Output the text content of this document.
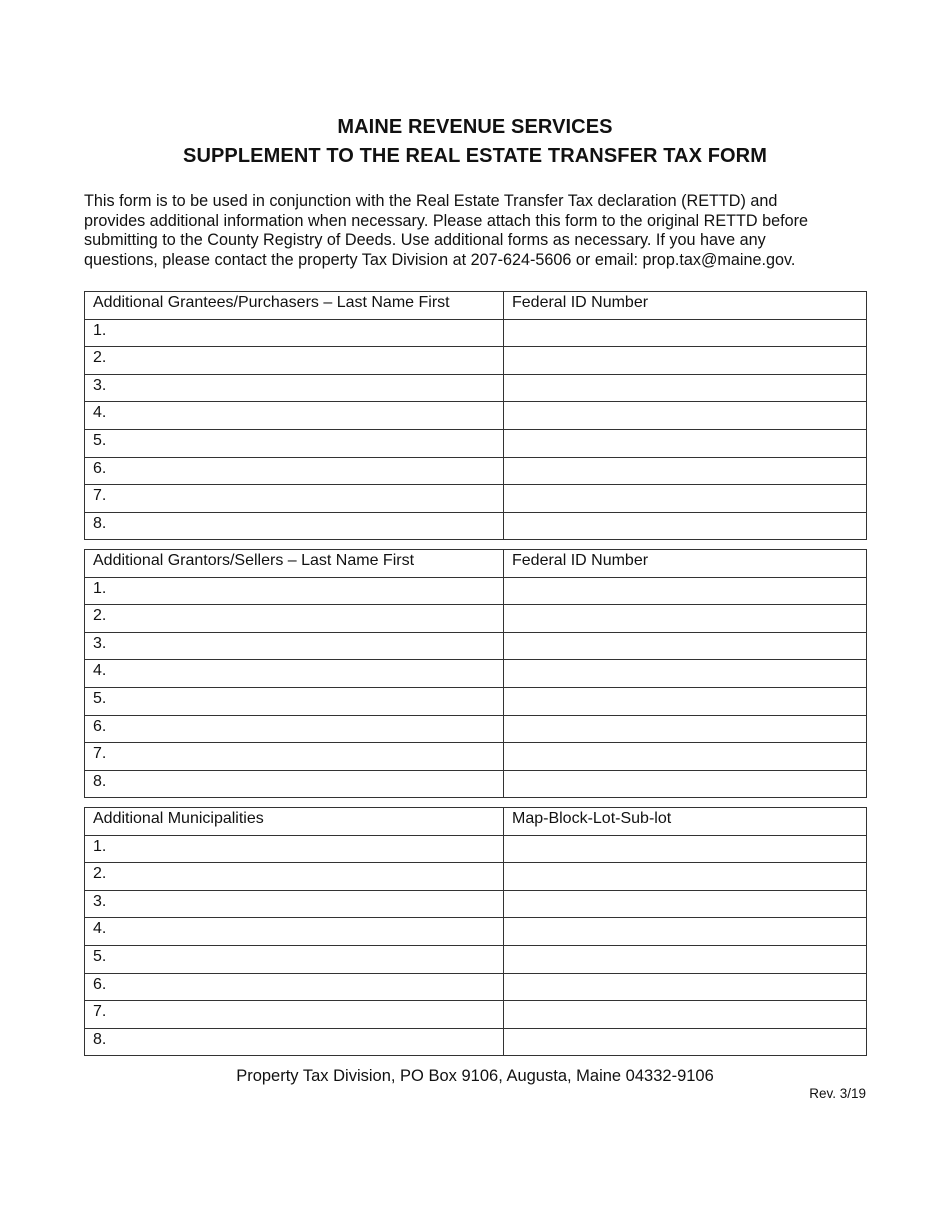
MAINE REVENUE SERVICES
SUPPLEMENT TO THE REAL ESTATE TRANSFER TAX FORM
This form is to be used in conjunction with the Real Estate Transfer Tax declaration (RETTD) and
provides additional information when necessary. Please attach this form to the original RETTD before
submitting to the County Registry of Deeds. Use additional forms as necessary. If you have any
questions, please contact the property Tax Division at 207-624-5606 or email: prop.tax@maine.gov.
Additional Grantees/Purchasers – Last Name First	Federal ID Number
1.	
2.	
3.	
4.	
5.	
6.	
7.	
8.	
Additional Grantors/Sellers – Last Name First	Federal ID Number
1.	
2.	
3.	
4.	
5.	
6.	
7.	
8.	
Additional Municipalities	Map-Block-Lot-Sub-lot
1.	
2.	
3.	
4.	
5.	
6.	
7.	
8.	
Property Tax Division, PO Box 9106, Augusta, Maine 04332-9106
Rev. 3/19
